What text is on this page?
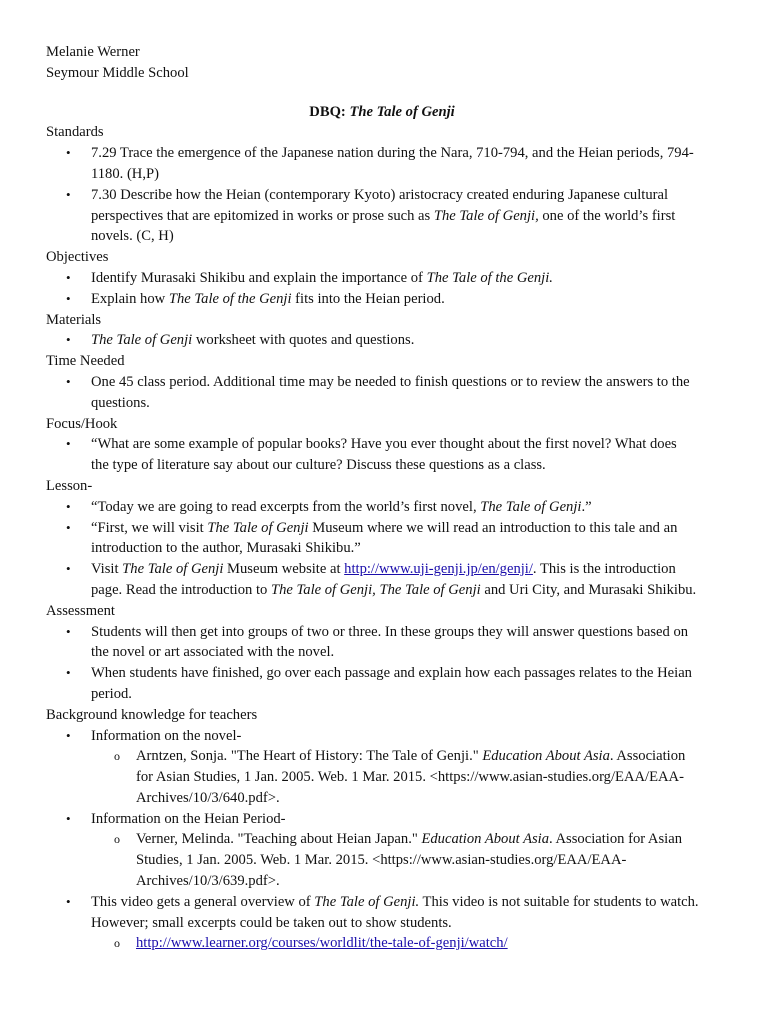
Melanie Werner
Seymour Middle School
DBQ: The Tale of Genji
Standards
• 7.29 Trace the emergence of the Japanese nation during the Nara, 710-794, and the Heian periods, 794-
1180. (H,P)
• 7.30 Describe how the Heian (contemporary Kyoto) aristocracy created enduring Japanese cultural
perspectives that are epitomized in works or prose such as The Tale of Genji, one of the world’s first
novels. (C, H)
Objectives
• Identify Murasaki Shikibu and explain the importance of The Tale of the Genji.
• Explain how The Tale of the Genji fits into the Heian period.
Materials
• The Tale of Genji worksheet with quotes and questions.
Time Needed
• One 45 class period. Additional time may be needed to finish questions or to review the answers to the
questions.
Focus/Hook
• “What are some example of popular books? Have you ever thought about the first novel? What does
the type of literature say about our culture? Discuss these questions as a class.
Lesson-
• “Today we are going to read excerpts from the world’s first novel, The Tale of Genji.”
• “First, we will visit The Tale of Genji Museum where we will read an introduction to this tale and an
introduction to the author, Murasaki Shikibu.”
• Visit The Tale of Genji Museum website at http://www.uji-genji.jp/en/genji/. This is the introduction
page. Read the introduction to The Tale of Genji, The Tale of Genji and Uri City, and Murasaki Shikibu.
Assessment
• Students will then get into groups of two or three. In these groups they will answer questions based on
the novel or art associated with the novel.
• When students have finished, go over each passage and explain how each passages relates to the Heian
period.
Background knowledge for teachers
• Information on the novel-
o Arntzen, Sonja. "The Heart of History: The Tale of Genji." Education About Asia. Association
for Asian Studies, 1 Jan. 2005. Web. 1 Mar. 2015. <https://www.asian-studies.org/EAA/EAA-
Archives/10/3/640.pdf>.
• Information on the Heian Period-
o Verner, Melinda. "Teaching about Heian Japan." Education About Asia. Association for Asian
Studies, 1 Jan. 2005. Web. 1 Mar. 2015. <https://www.asian-studies.org/EAA/EAA-
Archives/10/3/639.pdf>.
• This video gets a general overview of The Tale of Genji. This video is not suitable for students to watch.
However; small excerpts could be taken out to show students.
o http://www.learner.org/courses/worldlit/the-tale-of-genji/watch/
